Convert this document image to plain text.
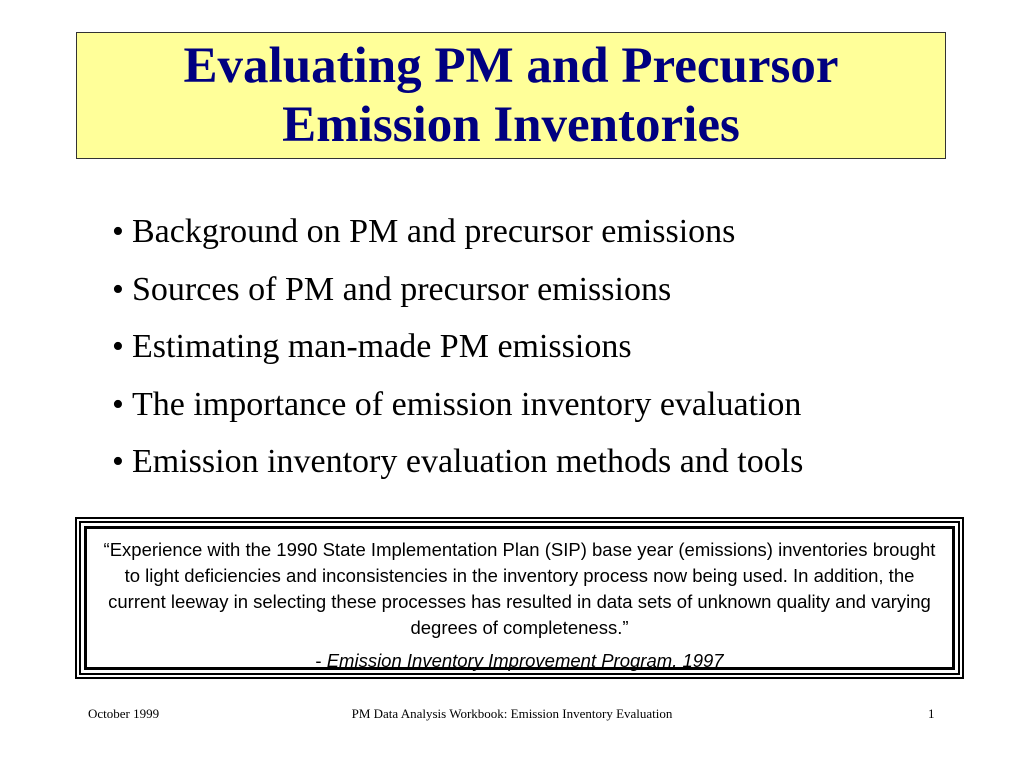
Evaluating PM and Precursor
Emission Inventories
• Background on PM and precursor emissions
• Sources of PM and precursor emissions
• Estimating man-made PM emissions
• The importance of emission inventory evaluation
• Emission inventory evaluation methods and tools
“Experience with the 1990 State Implementation Plan (SIP) base year (emissions) inventories brought to light deficiencies and inconsistencies in the inventory process now being used. In addition, the current leeway in selecting these processes has resulted in data sets of unknown quality and varying degrees of completeness.”
- Emission Inventory Improvement Program, 1997
PM Data Analysis Workbook: Emission Inventory Evaluation
October 1999	1
